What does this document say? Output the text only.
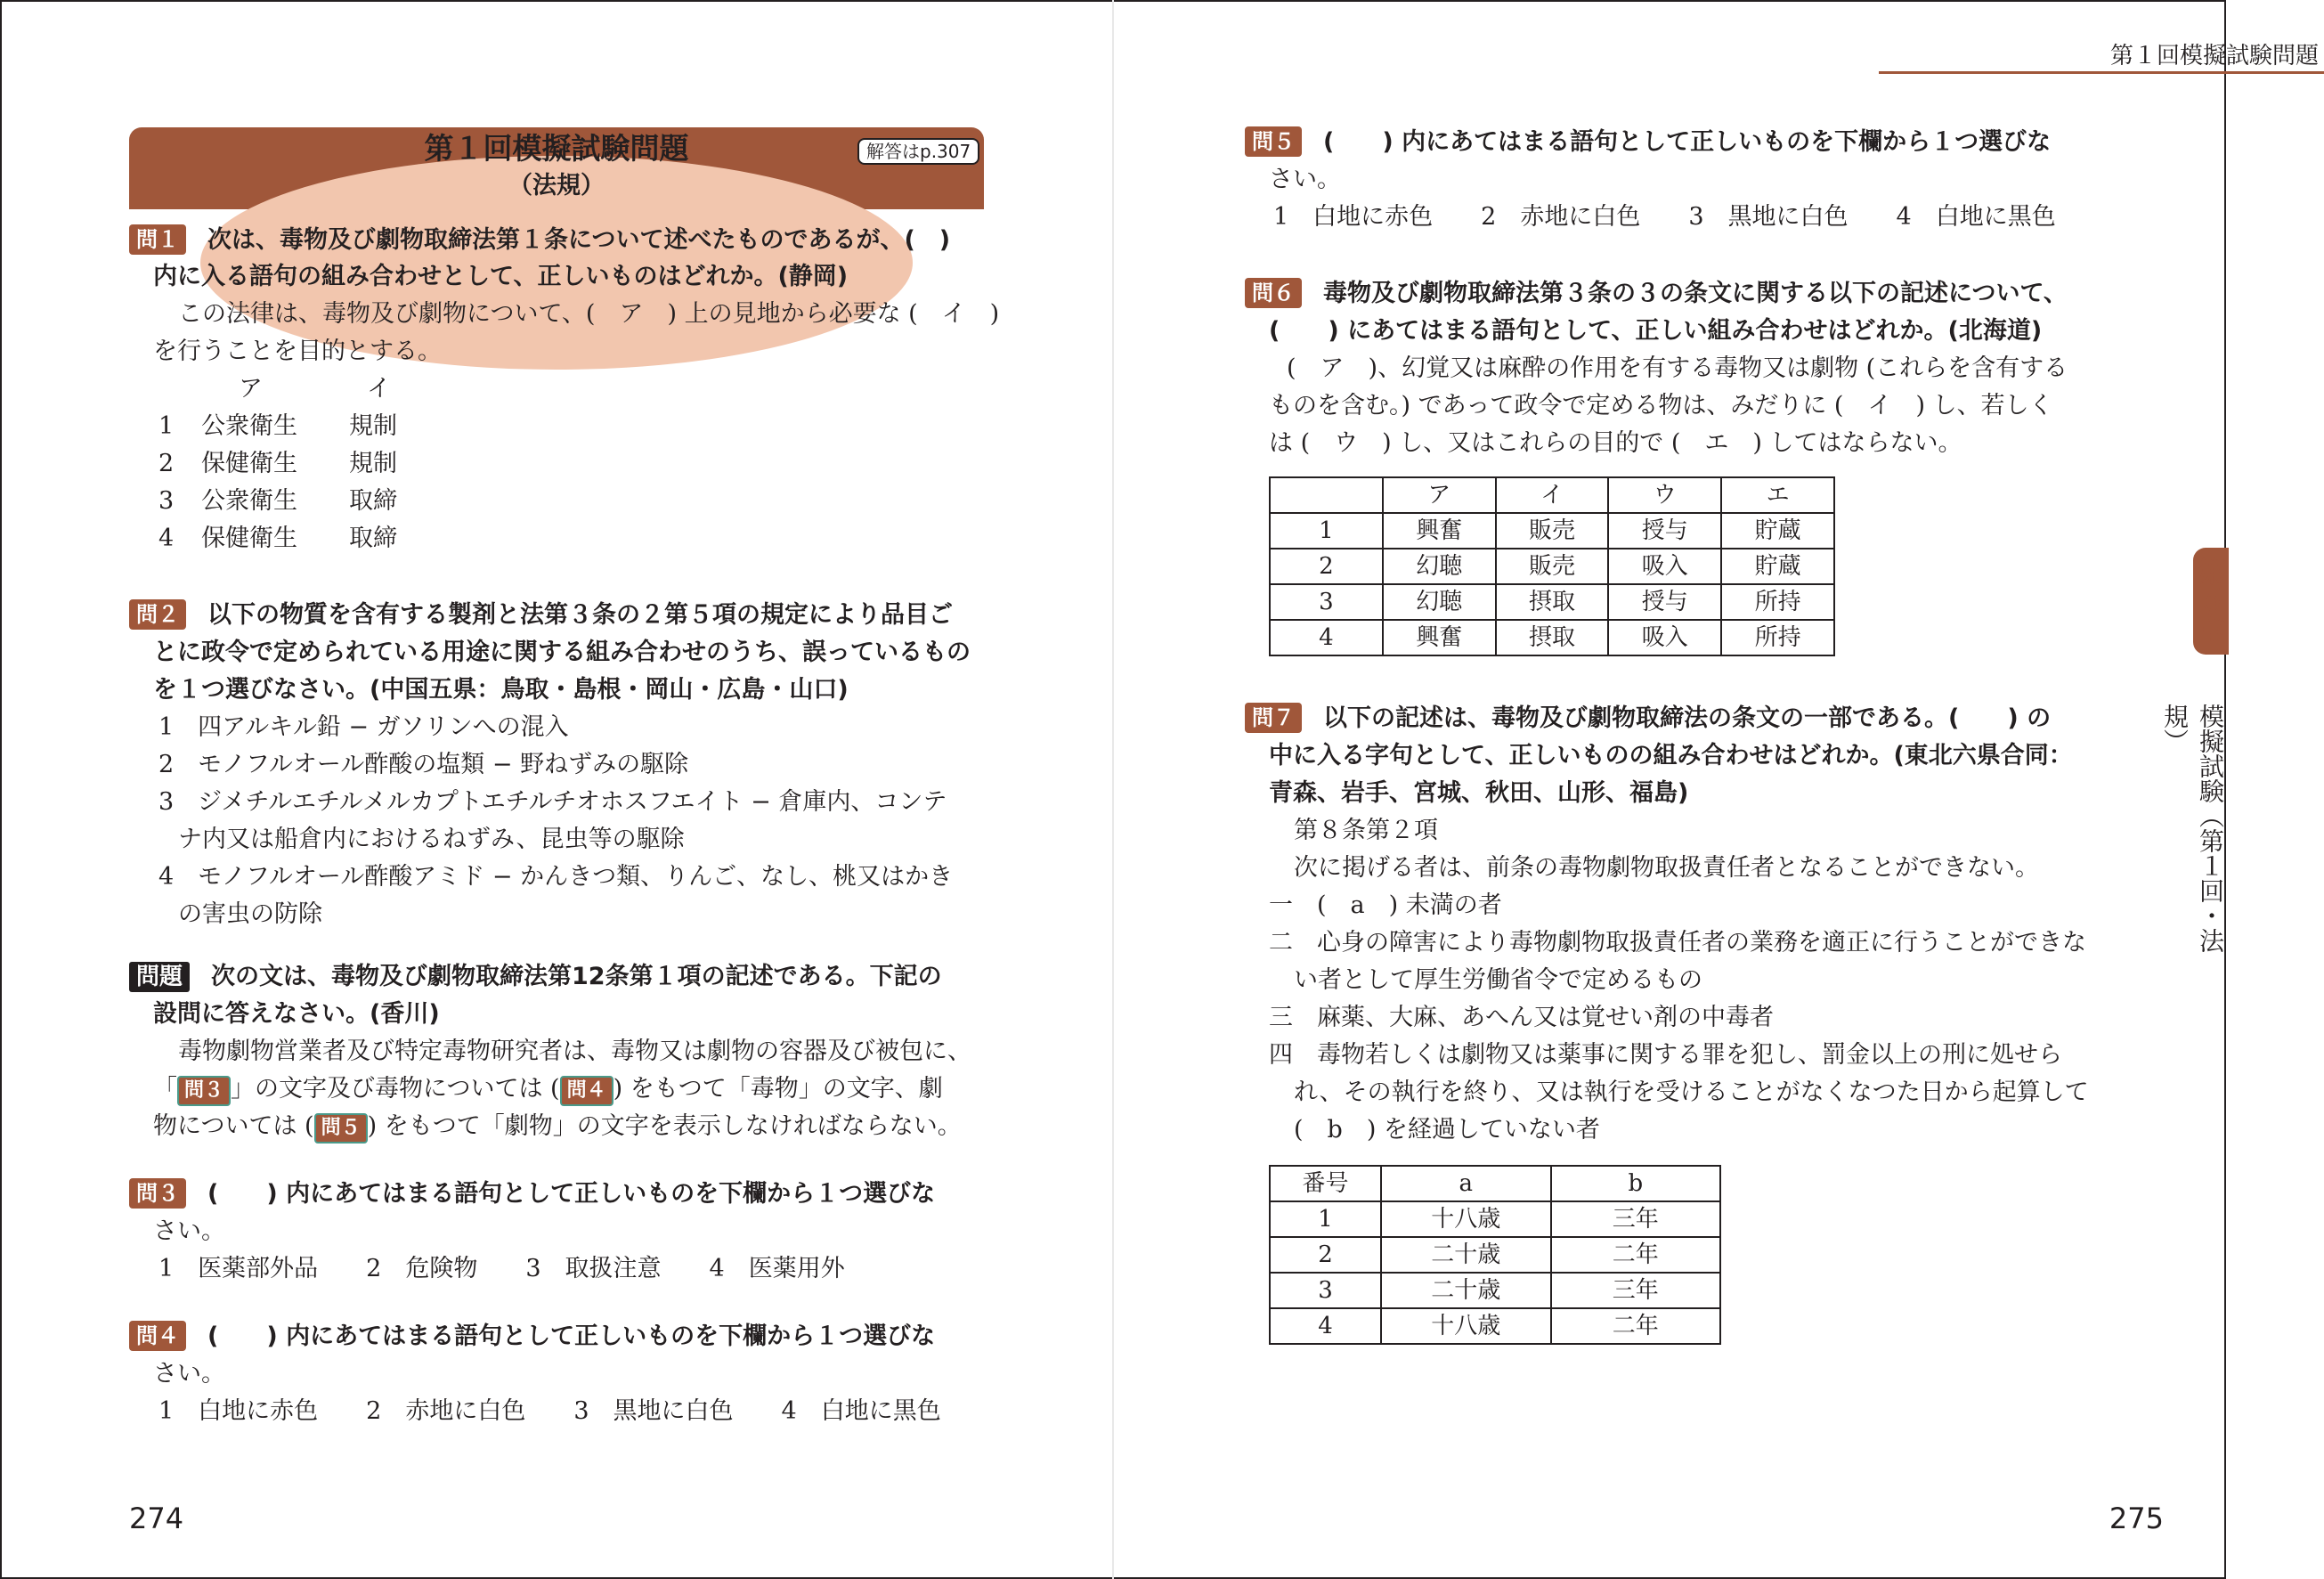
第１回模擬試験問題
（法規）
解答はp.307
問１ 次は、毒物及び劇物取締法第１条について述べたものであるが、(　)
内に入る語句の組み合わせとして、正しいものはどれか。(静岡)
この法律は、毒物及び劇物について、(　ア　) 上の見地から必要な (　イ　)
を行うことを目的とする。
ア	イ
1 公衆衛生 規制
2 保健衛生 規制
3 公衆衛生 取締
4 保健衛生 取締
問２ 以下の物質を含有する製剤と法第３条の２第５項の規定により品目ご
とに政令で定められている用途に関する組み合わせのうち、誤っているもの
を１つ選びなさい。(中国五県：鳥取・島根・岡山・広島・山口)
1　四アルキル鉛 − ガソリンへの混入
2　モノフルオール酢酸の塩類 − 野ねずみの駆除
3　ジメチルエチルメルカプトエチルチオホスフエイト − 倉庫内、コンテ
ナ内又は船倉内におけるねずみ、昆虫等の駆除
4　モノフルオール酢酸アミド − かんきつ類、りんご、なし、桃又はかき
の害虫の防除
問題 次の文は、毒物及び劇物取締法第12条第１項の記述である。下記の
設問に答えなさい。(香川)
毒物劇物営業者及び特定毒物研究者は、毒物又は劇物の容器及び被包に、
「 問３ 」の文字及び毒物については ( 問４ ) をもつて「毒物」の文字、劇
物については ( 問５ ) をもつて「劇物」の文字を表示しなければならない。
問３ (　　) 内にあてはまる語句として正しいものを下欄から１つ選びな
さい。
1　医薬部外品　　2　危険物　　3　取扱注意　　4　医薬用外
問４ (　　) 内にあてはまる語句として正しいものを下欄から１つ選びな
さい。
1　白地に赤色　　2　赤地に白色　　3　黒地に白色　　4　白地に黒色
274
第１回模擬試験問題
問５ (　　) 内にあてはまる語句として正しいものを下欄から１つ選びな
さい。
1　白地に赤色　　2　赤地に白色　　3　黒地に白色　　4　白地に黒色
問６ 毒物及び劇物取締法第３条の３の条文に関する以下の記述について、
(　　) にあてはまる語句として、正しい組み合わせはどれか。(北海道)
(　ア　)、幻覚又は麻酔の作用を有する毒物又は劇物 (これらを含有する
ものを含む。) であって政令で定める物は、みだりに (　イ　) し、若しく
は (　ウ　) し、又はこれらの目的で (　エ　) してはならない。
	ア	イ	ウ	エ
1	興奮	販売	授与	貯蔵
2	幻聴	販売	吸入	貯蔵
3	幻聴	摂取	授与	所持
4	興奮	摂取	吸入	所持
問７ 以下の記述は、毒物及び劇物取締法の条文の一部である。(　　) の
中に入る字句として、正しいものの組み合わせはどれか。(東北六県合同：
青森、岩手、宮城、秋田、山形、福島)
第８条第２項
次に掲げる者は、前条の毒物劇物取扱責任者となることができない。
一　(　a　) 未満の者
二　心身の障害により毒物劇物取扱責任者の業務を適正に行うことができな
い者として厚生労働省令で定めるもの
三　麻薬、大麻、あへん又は覚せい剤の中毒者
四　毒物若しくは劇物又は薬事に関する罪を犯し、罰金以上の刑に処せら
れ、その執行を終り、又は執行を受けることがなくなつた日から起算して
(　b　) を経過していない者
番号	a	b
1	十八歳	三年
2	二十歳	二年
3	二十歳	三年
4	十八歳	二年
第５章
模擬試験（第１回・法規）
275
